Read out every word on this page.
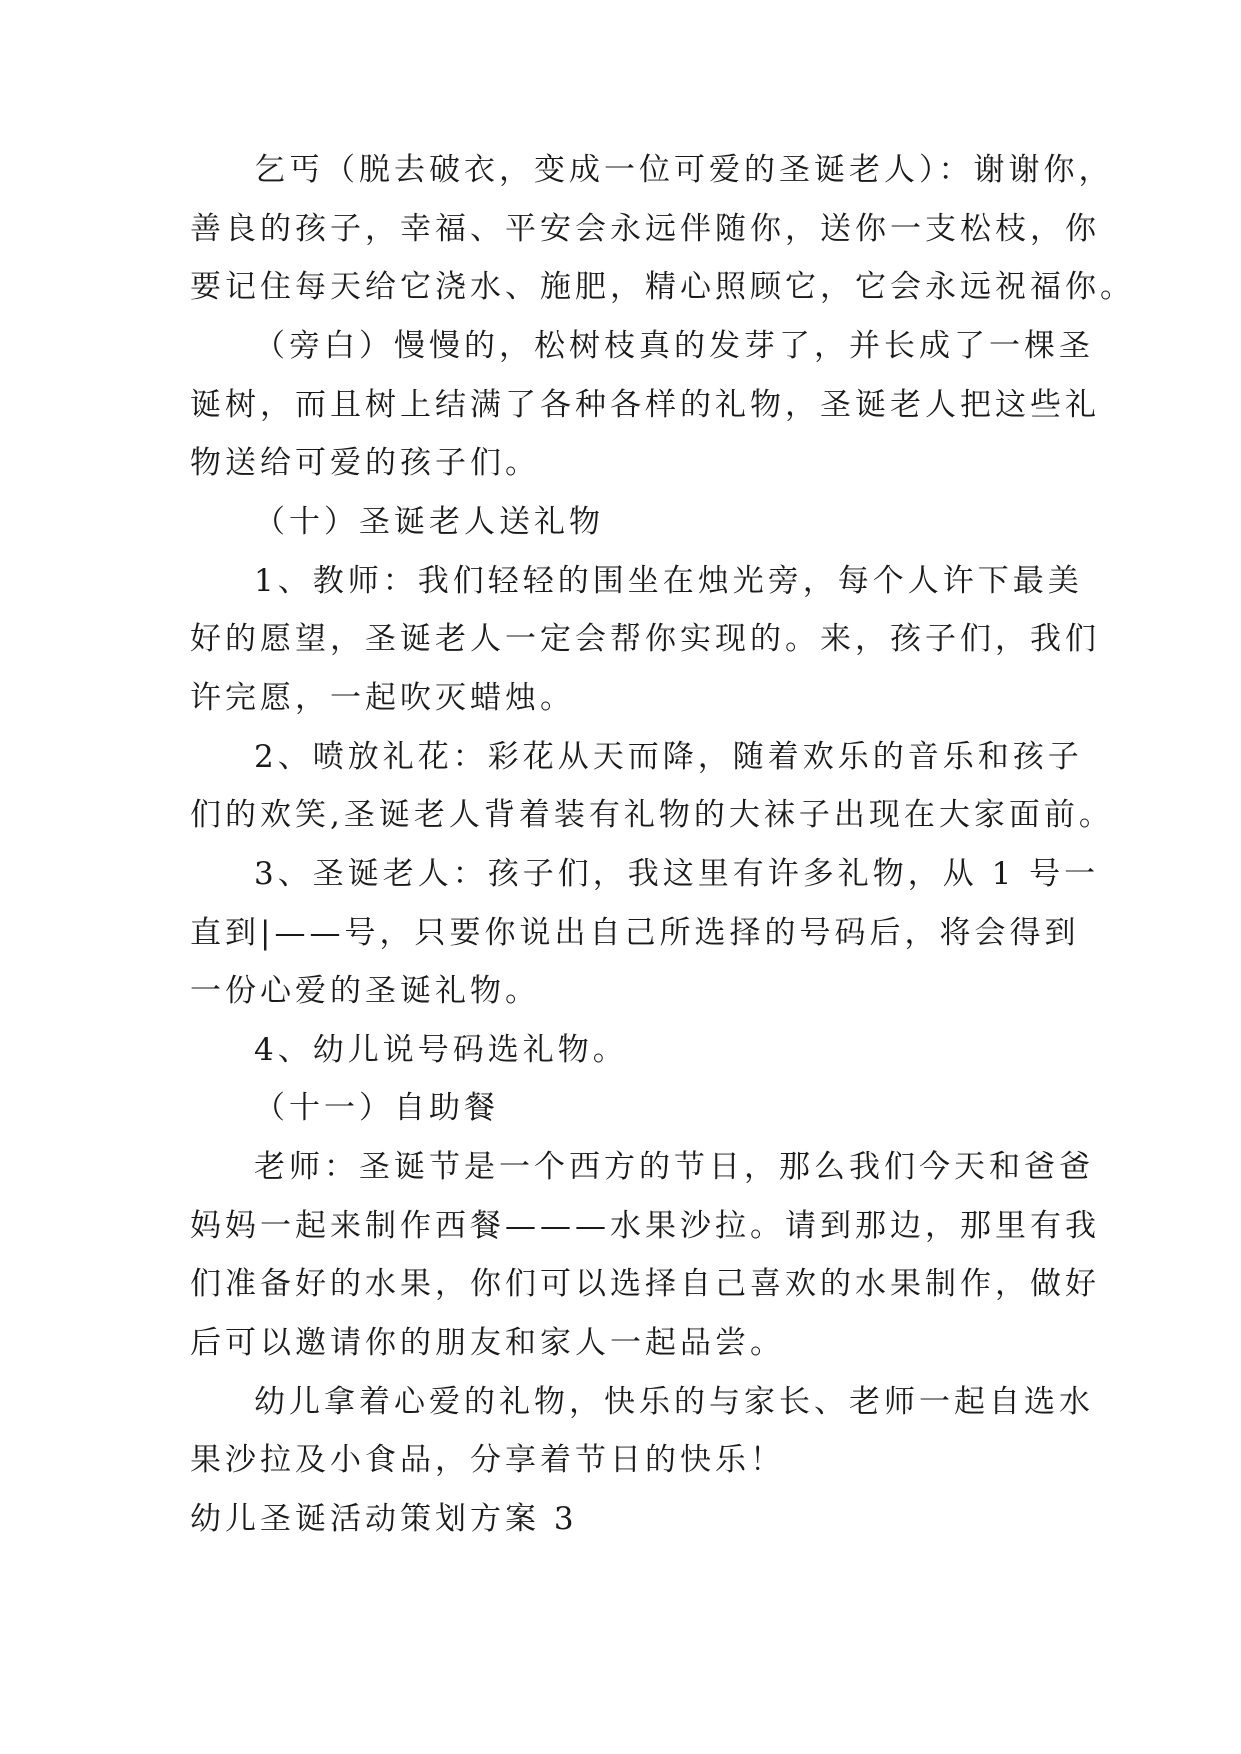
乞丐（脱去破衣，变成一位可爱的圣诞老人）：谢谢你，
善良的孩子，幸福、平安会永远伴随你，送你一支松枝，你
要记住每天给它浇水、施肥，精心照顾它，它会永远祝福你。
（旁白）慢慢的，松树枝真的发芽了，并长成了一棵圣
诞树，而且树上结满了各种各样的礼物，圣诞老人把这些礼
物送给可爱的孩子们。
（十）圣诞老人送礼物
1、教师：我们轻轻的围坐在烛光旁，每个人许下最美
好的愿望，圣诞老人一定会帮你实现的。来，孩子们，我们
许完愿，一起吹灭蜡烛。
2、喷放礼花：彩花从天而降，随着欢乐的音乐和孩子
们的欢笑,圣诞老人背着装有礼物的大袜子出现在大家面前。
3、圣诞老人：孩子们，我这里有许多礼物，从 1 号一
直到|——号，只要你说出自己所选择的号码后，将会得到
一份心爱的圣诞礼物。
4、幼儿说号码选礼物。
（十一）自助餐
老师：圣诞节是一个西方的节日，那么我们今天和爸爸
妈妈一起来制作西餐———水果沙拉。请到那边，那里有我
们准备好的水果，你们可以选择自己喜欢的水果制作，做好
后可以邀请你的朋友和家人一起品尝。
幼儿拿着心爱的礼物，快乐的与家长、老师一起自选水
果沙拉及小食品，分享着节日的快乐！
幼儿圣诞活动策划方案 3
